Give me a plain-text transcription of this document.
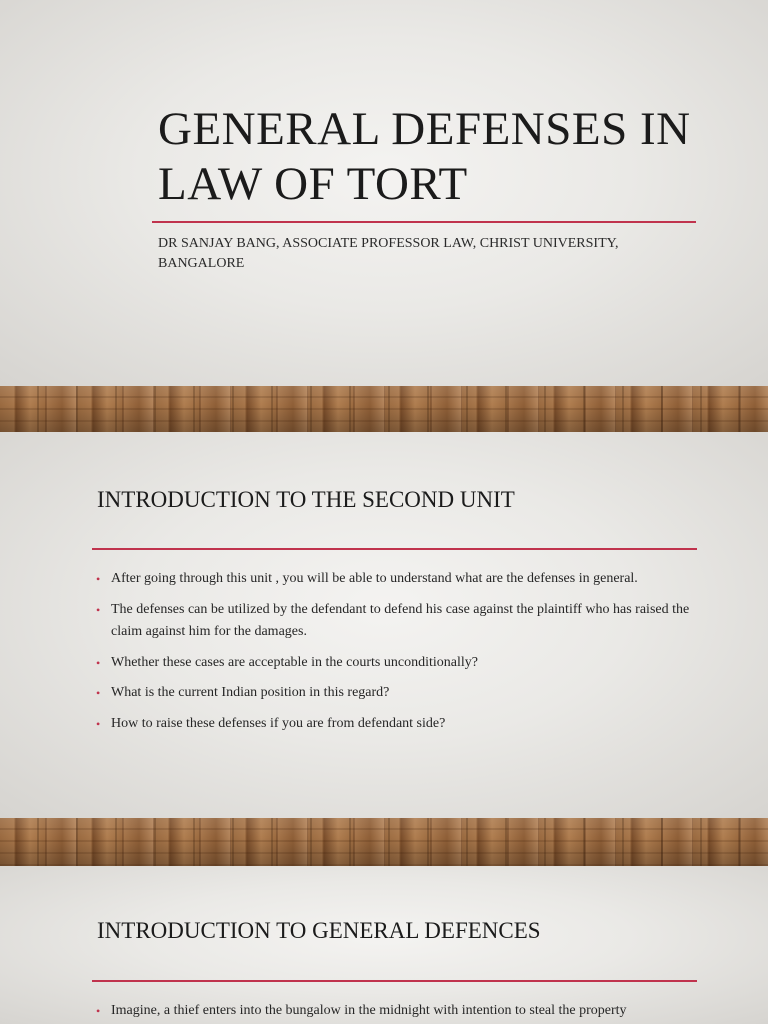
GENERAL DEFENSES IN LAW OF TORT

DR SANJAY BANG, ASSOCIATE PROFESSOR LAW, CHRIST UNIVERSITY, BANGALORE

INTRODUCTION TO THE SECOND UNIT
• After going through this unit , you will be able to understand what are the defenses in general.
• The defenses can be utilized by the defendant to defend his case against the plaintiff who has raised the claim against him for the damages.
• Whether these cases are acceptable in the courts unconditionally?
• What is the current Indian position in this regard?
• How to raise these defenses if you are from defendant side?
INTRODUCTION TO GENERAL DEFENCES
• Imagine, a thief enters into the bungalow in the midnight with intention to steal the property
